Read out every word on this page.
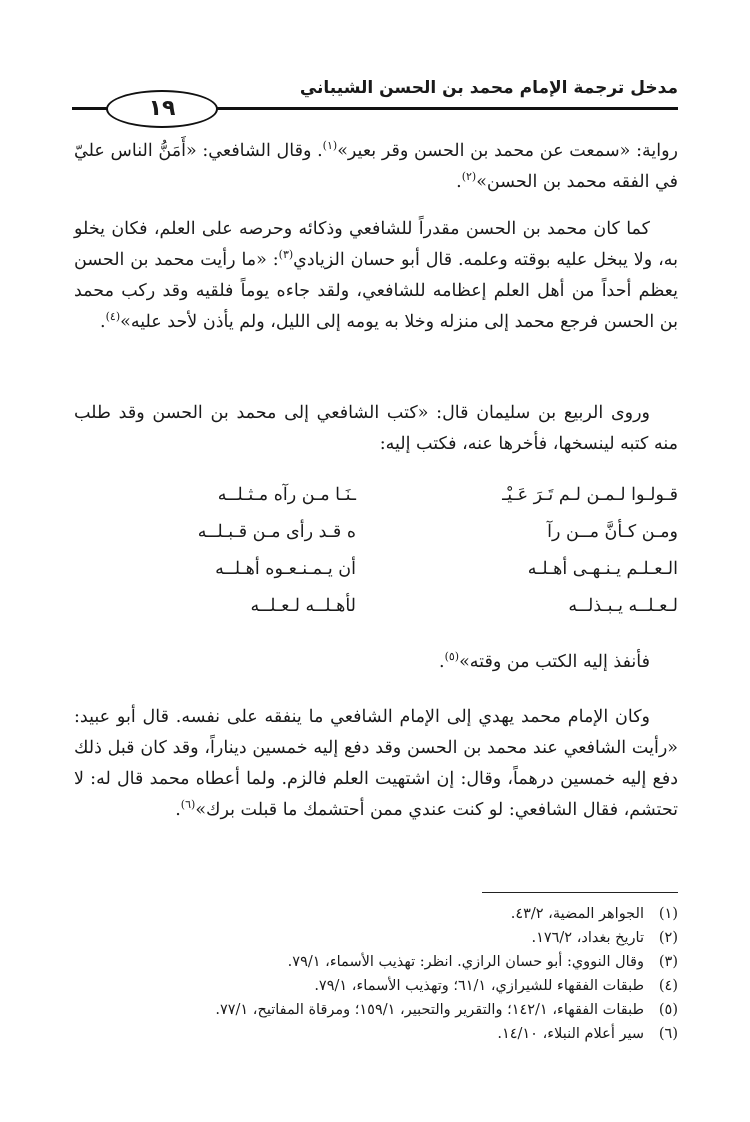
مدخل ترجمة الإمام محمد بن الحسن الشيباني
١٩

رواية: «سمعت عن محمد بن الحسن وقر بعير»$^{(١)}$. وقال الشافعي: «أَمَنُّ الناس عليّ في الفقه محمد بن الحسن»$^{(٢)}$.

كما كان محمد بن الحسن مقدراً للشافعي وذكائه وحرصه على العلم، فكان يخلو به، ولا يبخل عليه بوقته وعلمه. قال أبو حسان الزيادي$^{(٣)}$: «ما رأيت محمد بن الحسن يعظم أحداً من أهل العلم إعظامه للشافعي، ولقد جاءه يوماً فلقيه وقد ركب محمد بن الحسن فرجع محمد إلى منزله وخلا به يومه إلى الليل، ولم يأذن لأحد عليه»$^{(٤)}$.

وروى الربيع بن سليمان قال: «كتب الشافعي إلى محمد بن الحسن وقد طلب منه كتبه لينسخها، فأخرها عنه، فكتب إليه:

قـولـوا لـمـن لـم تَـرَ عَـيْـ
ـنَـا مـن رآه مـثـلــه
ومـن كـأنَّ مــن رآ
ه قـد رأى مـن قـبـلــه
الـعـلـم يـنـهـى أهـلـه
أن يـمـنـعـوه أهـلــه
لـعـلــه يـبـذلــه
لأهـلــه لـعـلــه

فأنفذ إليه الكتب من وقته»$^{(٥)}$.

وكان الإمام محمد يهدي إلى الإمام الشافعي ما ينفقه على نفسه. قال أبو عبيد: «رأيت الشافعي عند محمد بن الحسن وقد دفع إليه خمسين ديناراً، وقد كان قبل ذلك دفع إليه خمسين درهماً، وقال: إن اشتهيت العلم فالزم. ولما أعطاه محمد قال له: لا تحتشم، فقال الشافعي: لو كنت عندي ممن أحتشمك ما قبلت برك»$^{(٦)}$.

(١)الجواهر المضية، ٤٣/٢.
(٢)تاريخ بغداد، ١٧٦/٢.
(٣)وقال النووي: أبو حسان الرازي. انظر: تهذيب الأسماء، ٧٩/١.
(٤)طبقات الفقهاء للشيرازي، ٦١/١؛ وتهذيب الأسماء، ٧٩/١.
(٥)طبقات الفقهاء، ١٤٢/١؛ والتقرير والتحبير، ١٥٩/١؛ ومرقاة المفاتيح، ٧٧/١.
(٦)سير أعلام النبلاء، ١٤/١٠.
